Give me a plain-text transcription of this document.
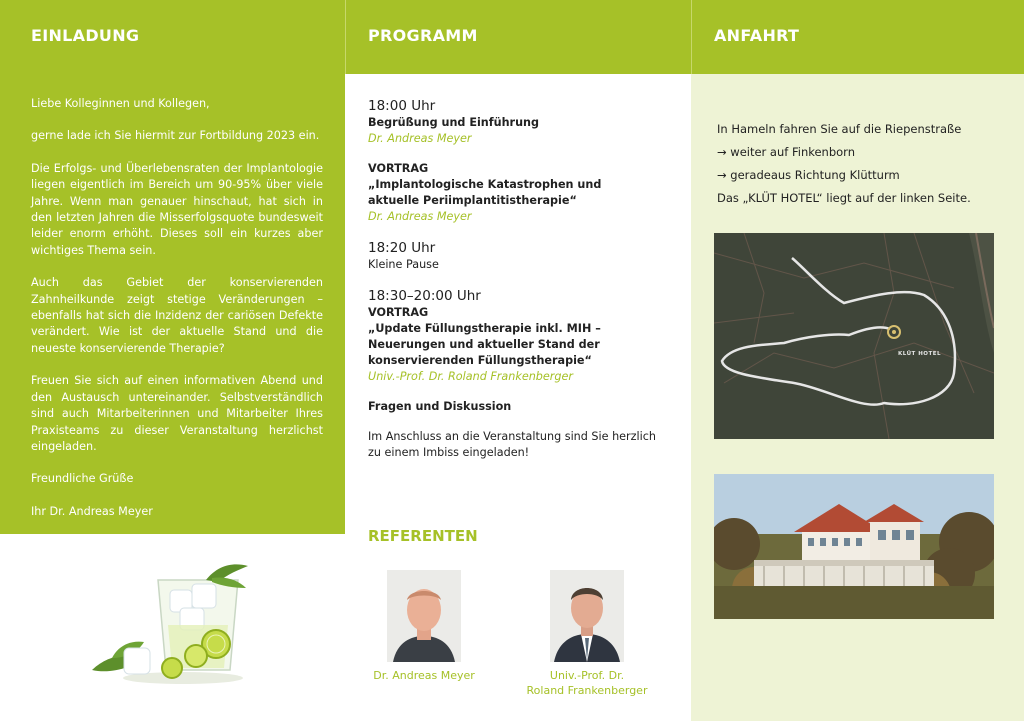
EINLADUNG	PROGRAMM	ANFAHRT

Liebe Kolleginnen und Kollegen,

gerne lade ich Sie hiermit zur Fortbildung 2023 ein.

Die Erfolgs- und Überlebensraten der Implantologie liegen eigentlich im Bereich um 90-95% über viele Jahre. Wenn man genauer hinschaut, hat sich in den letzten Jahren die Misserfolgsquote bundesweit leider enorm erhöht. Dieses soll ein kurzes aber wichtiges Thema sein.

Auch das Gebiet der konservierenden Zahnheilkunde zeigt stetige Veränderungen – ebenfalls hat sich die Inzidenz der cariösen Defekte verändert. Wie ist der aktuelle Stand und die neueste konservierende Therapie?

Freuen Sie sich auf einen informativen Abend und den Austausch untereinander. Selbstverständlich sind auch Mitarbeiterinnen und Mitarbeiter Ihres Praxisteams zu dieser Veranstaltung herzlichst eingeladen.

Freundliche Grüße

Ihr Dr. Andreas Meyer

18:00 Uhr
Begrüßung und Einführung
Dr. Andreas Meyer
VORTRAG
„Implantologische Katastrophen und aktuelle Periimplantitistherapie“
Dr. Andreas Meyer
18:20 Uhr
Kleine Pause
18:30–20:00 Uhr
VORTRAG
„Update Füllungstherapie inkl. MIH – Neuerungen und aktueller Stand der konservierenden Füllungstherapie“
Univ.-Prof. Dr. Roland Frankenberger
Fragen und Diskussion
Im Anschluss an die Veranstaltung sind Sie herzlich zu einem Imbiss eingeladen!
REFERENTEN
Dr. Andreas Meyer	Univ.-Prof. Dr.
Roland Frankenberger
In Hameln fahren Sie auf die Riepenstraße
→ weiter auf Finkenborn
→ geradeaus Richtung Klütturm
Das „KLÜT HOTEL“ liegt auf der linken Seite.
KLÜT HOTEL
